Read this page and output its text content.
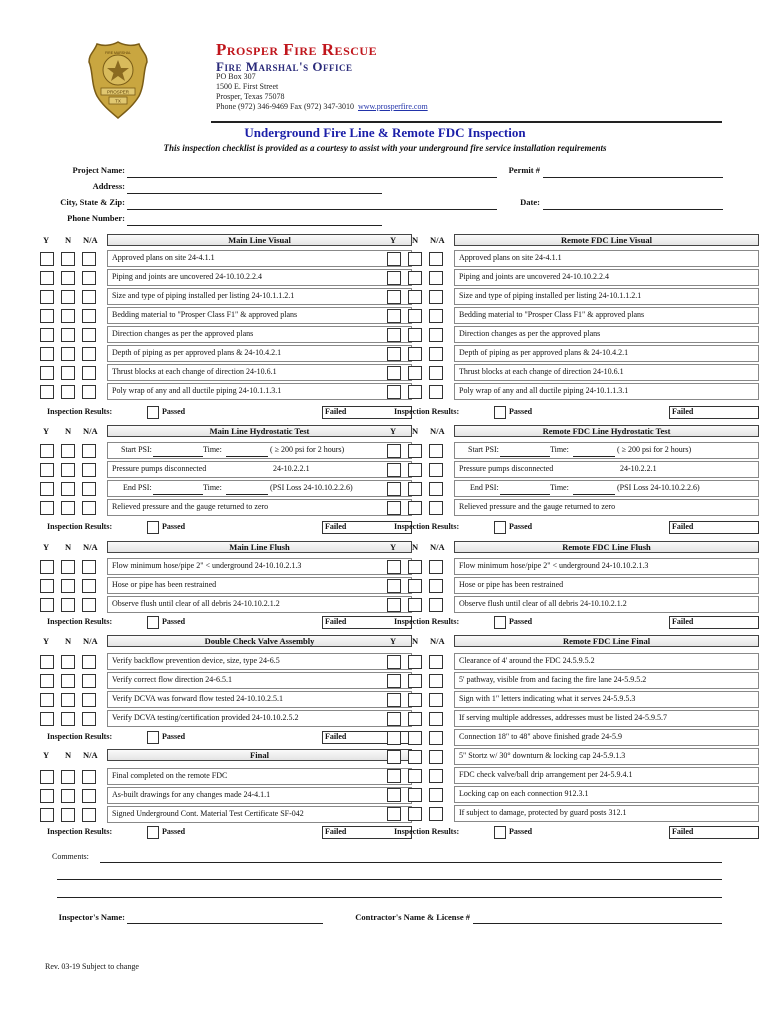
PROSPER
TX
FIRE MARSHAL	Prosper Fire Rescue
Fire Marshal's Office
PO Box 307
1500 E. First Street
Prosper, Texas 75078
Phone (972) 346-9469 Fax (972) 347-3010 www.prosperfire.com
Underground Fire Line & Remote FDC Inspection
This inspection checklist is provided as a courtesy to assist with your underground fire service installation requirements
Project Name:	Permit #
Address:
City, State & Zip:	Date:
Phone Number:
Y N N/A	Main Line Visual
Approved plans on site 24-4.1.1
Piping and joints are uncovered 24-10.10.2.2.4
Size and type of piping installed per listing 24-10.1.1.2.1
Bedding material to "Prosper Class F1" & approved plans
Direction changes as per the approved plans
Depth of piping as per approved plans & 24-10.4.2.1
Thrust blocks at each change of direction 24-10.6.1
Poly wrap of any and all ductile piping 24-10.1.1.3.1
Inspection Results:	Passed	Failed
Y N N/A	Main Line Hydrostatic Test
Start PSI:	Time:	( ≥ 200 psi for 2 hours)
Pressure pumps disconnected	24-10.2.2.1
End PSI:	Time:	(PSI Loss 24-10.10.2.2.6)
Relieved pressure and the gauge returned to zero
Inspection Results:	Passed	Failed
Y N N/A	Main Line Flush
Flow minimum hose/pipe 2" < underground 24-10.10.2.1.3
Hose or pipe has been restrained
Observe flush until clear of all debris 24-10.10.2.1.2
Inspection Results:	Passed	Failed
Y N N/A	Double Check Valve Assembly
Verify backflow prevention device, size, type 24-6.5
Verify correct flow direction 24-6.5.1
Verify DCVA was forward flow tested 24-10.10.2.5.1
Verify DCVA testing/certification provided 24-10.10.2.5.2
Inspection Results:	Passed	Failed
Y N N/A	Final
Final completed on the remote FDC
As-built drawings for any changes made 24-4.1.1
Signed Underground Cont. Material Test Certificate SF-042
Inspection Results:	Passed	Failed
Y N N/A	Remote FDC Line Visual
Approved plans on site 24-4.1.1
Piping and joints are uncovered 24-10.10.2.2.4
Size and type of piping installed per listing 24-10.1.1.2.1
Bedding material to "Prosper Class F1" & approved plans
Direction changes as per the approved plans
Depth of piping as per approved plans & 24-10.4.2.1
Thrust blocks at each change of direction 24-10.6.1
Poly wrap of any and all ductile piping 24-10.1.1.3.1
Inspection Results:	Passed	Failed
Y N N/A	Remote FDC Line Hydrostatic Test
Start PSI:	Time:	( ≥ 200 psi for 2 hours)
Pressure pumps disconnected	24-10.2.2.1
End PSI:	Time:	(PSI Loss 24-10.10.2.2.6)
Relieved pressure and the gauge returned to zero
Inspection Results:	Passed	Failed
Y N N/A	Remote FDC Line Flush
Flow minimum hose/pipe 2" < underground 24-10.10.2.1.3
Hose or pipe has been restrained
Observe flush until clear of all debris 24-10.10.2.1.2
Inspection Results:	Passed	Failed
Y N N/A	Remote FDC Line Final
Clearance of 4' around the FDC 24.5.9.5.2
5' pathway, visible from and facing the fire lane 24-5.9.5.2
Sign with 1" letters indicating what it serves 24-5.9.5.3
If serving multiple addresses, addresses must be listed 24-5.9.5.7
Connection 18" to 48" above finished grade 24-5.9
5" Stortz w/ 30° downturn & locking cap 24-5.9.1.3
FDC check valve/ball drip arrangement per 24-5.9.4.1
Locking cap on each connection 912.3.1
If subject to damage, protected by guard posts 312.1
Inspection Results:	Passed	Failed
Comments:
Inspector's Name:	Contractor's Name & License #
Rev. 03-19 Subject to change
